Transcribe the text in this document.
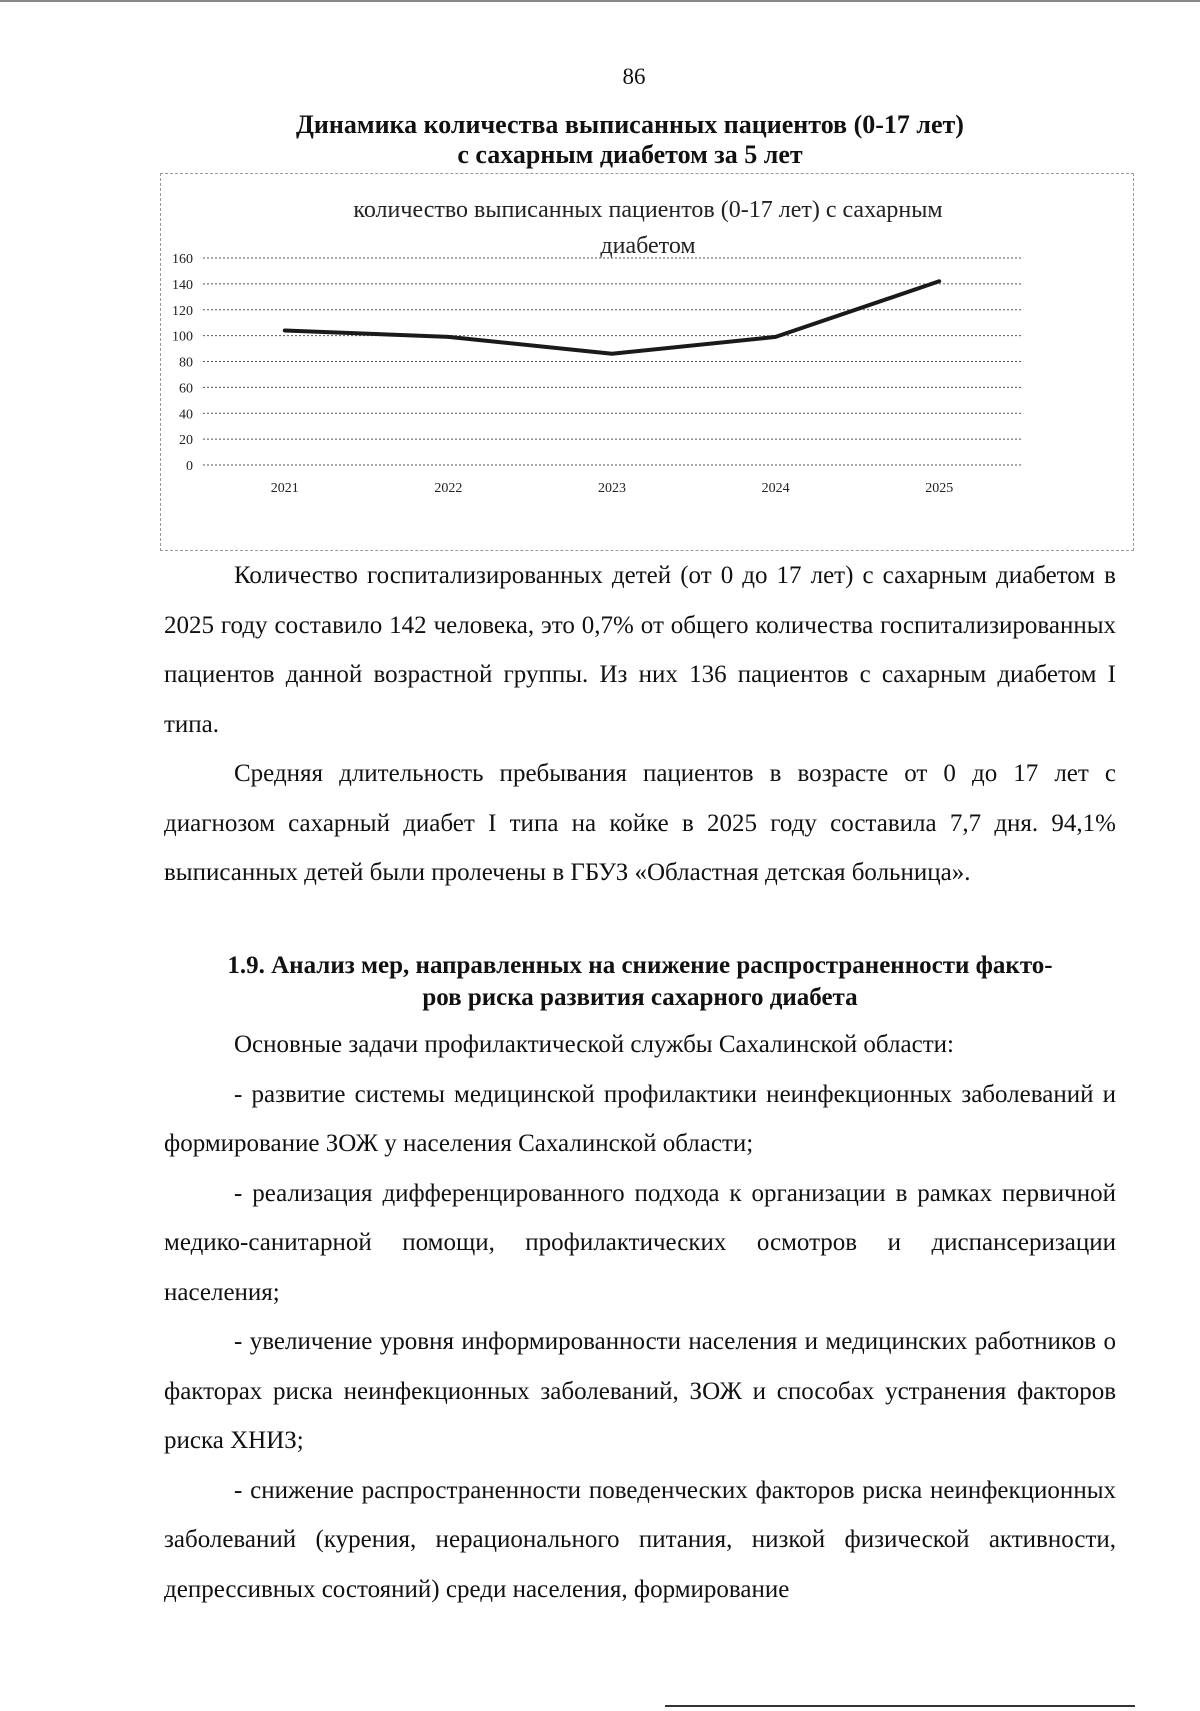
86
Динамика количества выписанных пациентов (0-17 лет)
с сахарным диабетом за 5 лет
количество выписанных пациентов (0-17 лет) с сахарным
диабетом
0
20
40
60
80
100
120
140
160
2021	2022	2023	2024	2025

Количество госпитализированных детей (от 0 до 17 лет) с сахарным диабетом в 2025 году составило 142 человека, это 0,7% от общего количества госпитализированных пациентов данной возрастной группы. Из них 136 пациентов с сахарным диабетом I типа.

Средняя длительность пребывания пациентов в возрасте от 0 до 17 лет с диагнозом сахарный диабет I типа на койке в 2025 году составила 7,7 дня. 94,1% выписанных детей были пролечены в ГБУЗ «Областная детская больница».

1.9. Анализ мер, направленных на снижение распространенности факто-
ров риска развития сахарного диабета

Основные задачи профилактической службы Сахалинской области:

- развитие системы медицинской профилактики неинфекционных заболеваний и формирование ЗОЖ у населения Сахалинской области;

- реализация дифференцированного подхода к организации в рамках первичной медико-санитарной помощи, профилактических осмотров и диспансеризации населения;

- увеличение уровня информированности населения и медицинских работников о факторах риска неинфекционных заболеваний, ЗОЖ и способах устранения факторов риска ХНИЗ;

- снижение распространенности поведенческих факторов риска неинфекционных заболеваний (курения, нерационального питания, низкой физической активности, депрессивных состояний) среди населения, формирование
